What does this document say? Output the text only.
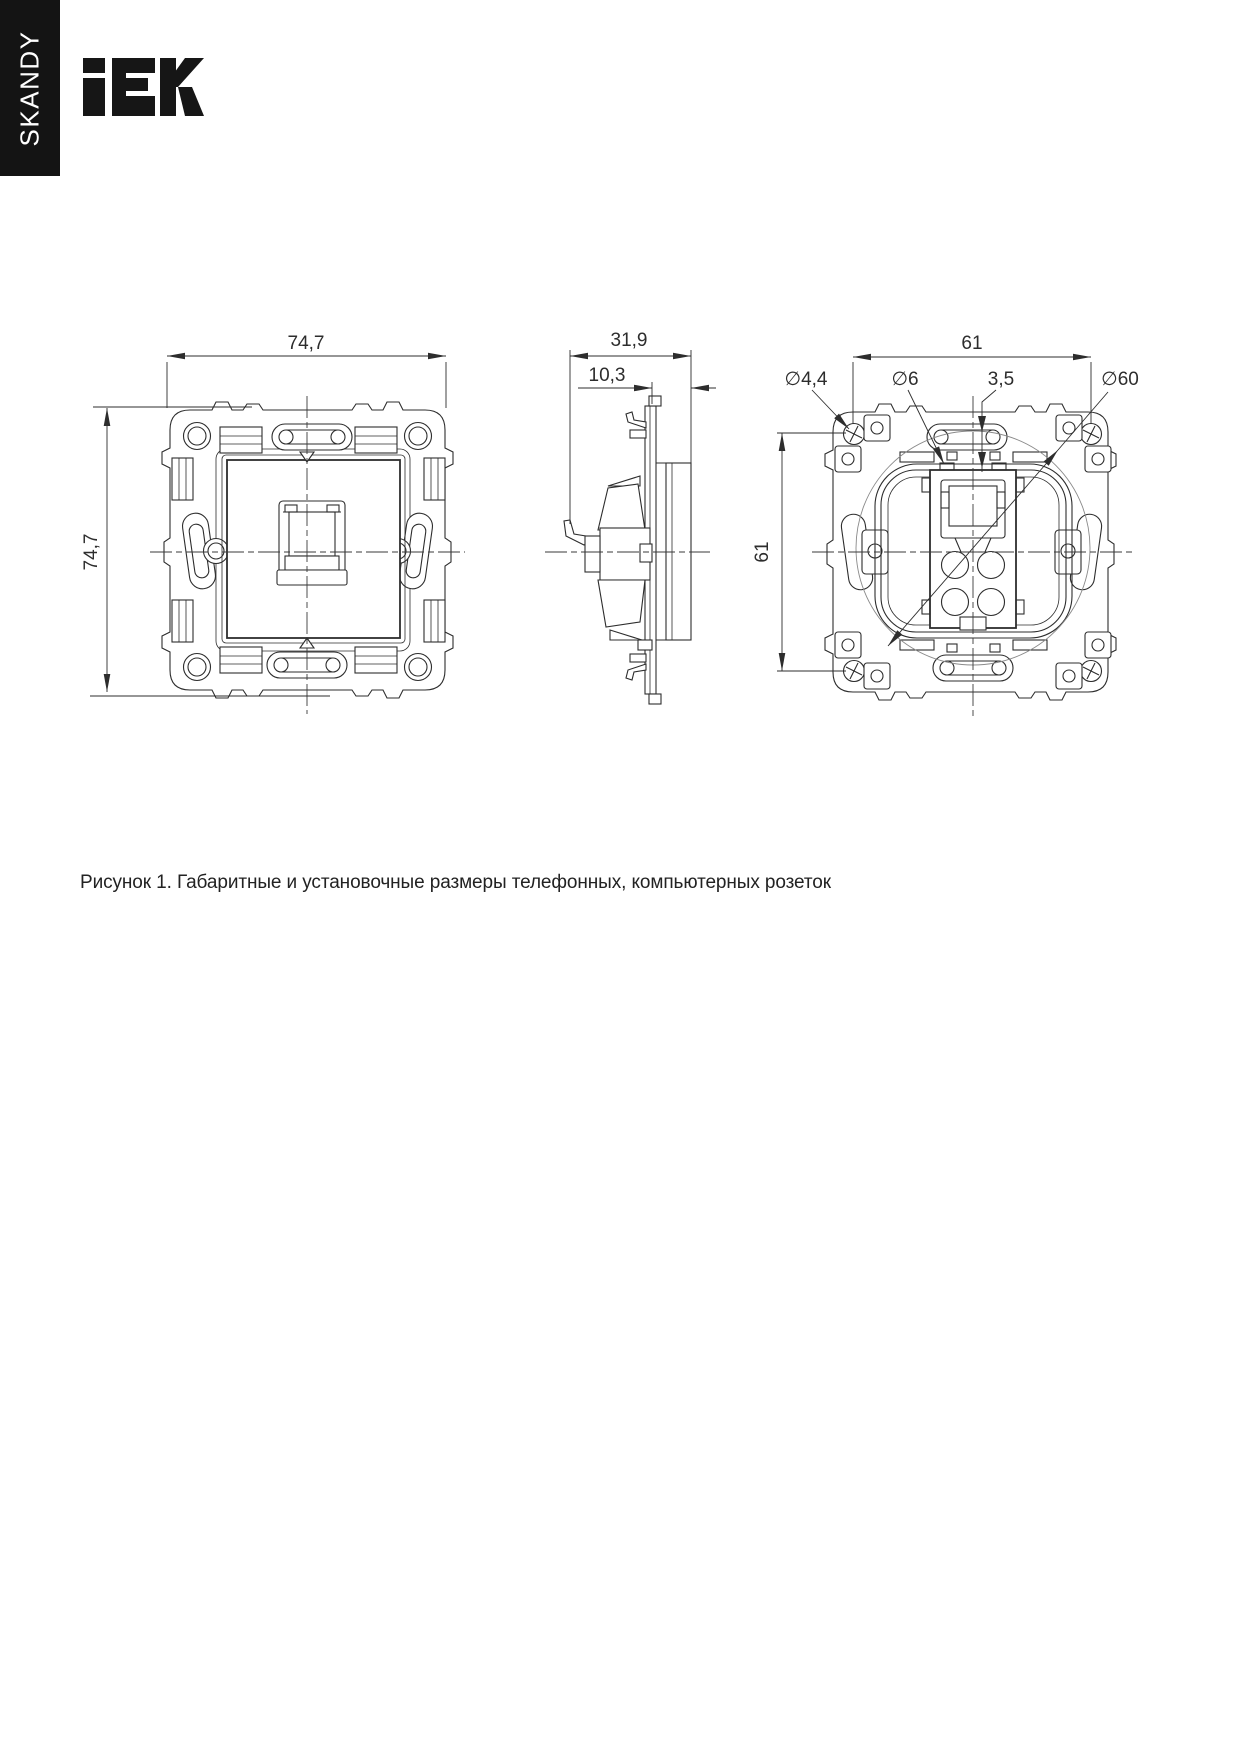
SKANDY
74,7
74,7
31,9
10,3
61
61
∅4,4	∅6	3,5	∅60
Рисунок 1. Габаритные и установочные размеры телефонных, компьютерных розеток
